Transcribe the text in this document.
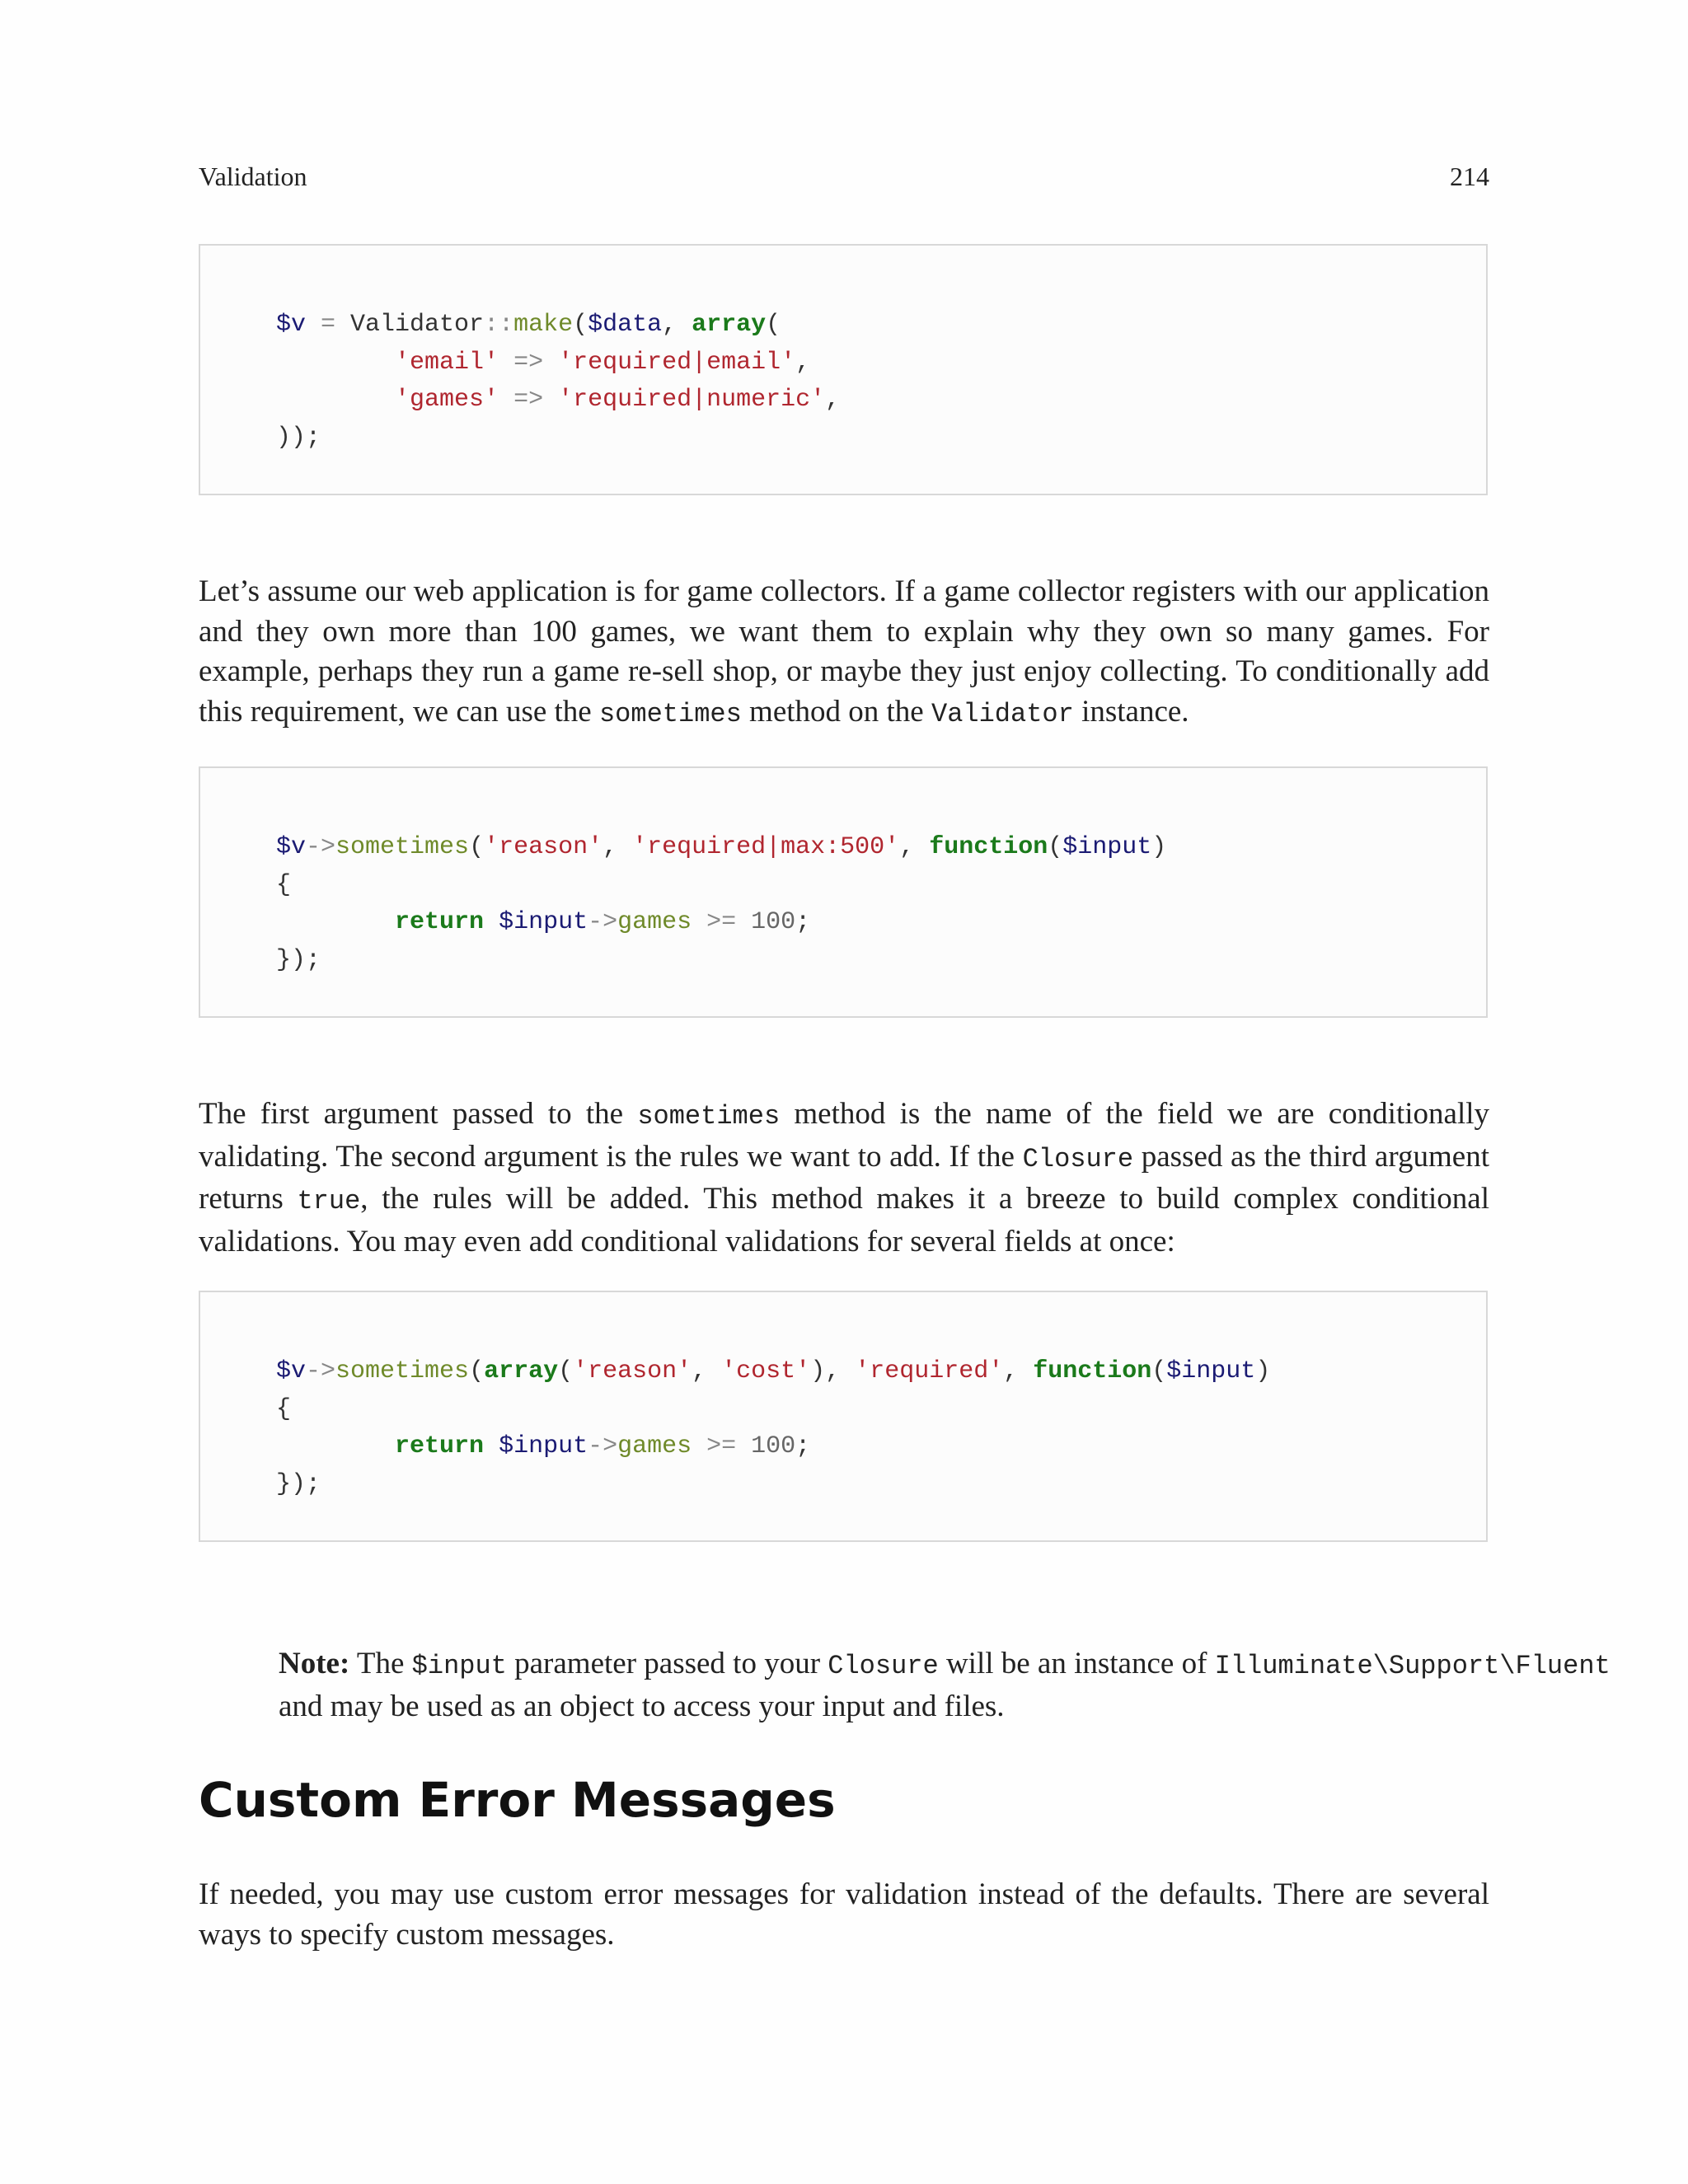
Validation	214
$v = Validator::make($data, array(
'email' => 'required|email',
'games' => 'required|numeric',
));

Let’s assume our web application is for game collectors. If a game collector registers with our application and they own more than 100 games, we want them to explain why they own so many games. For example, perhaps they run a game re-sell shop, or maybe they just enjoy collecting. To conditionally add this requirement, we can use the sometimes method on the Validator instance.

$v->sometimes('reason', 'required|max:500', function($input)
{
return $input->games >= 100;
});

The first argument passed to the sometimes method is the name of the field we are conditionally validating. The second argument is the rules we want to add. If the Closure passed as the third argument returns true, the rules will be added. This method makes it a breeze to build complex conditional validations. You may even add conditional validations for several fields at once:

$v->sometimes(array('reason', 'cost'), 'required', function($input)
{
return $input->games >= 100;
});

Note: The $input parameter passed to your Closure will be an instance of Illuminate\Support\Fluent
and may be used as an object to access your input and files.

Custom Error Messages

If needed, you may use custom error messages for validation instead of the defaults. There are several ways to specify custom messages.
